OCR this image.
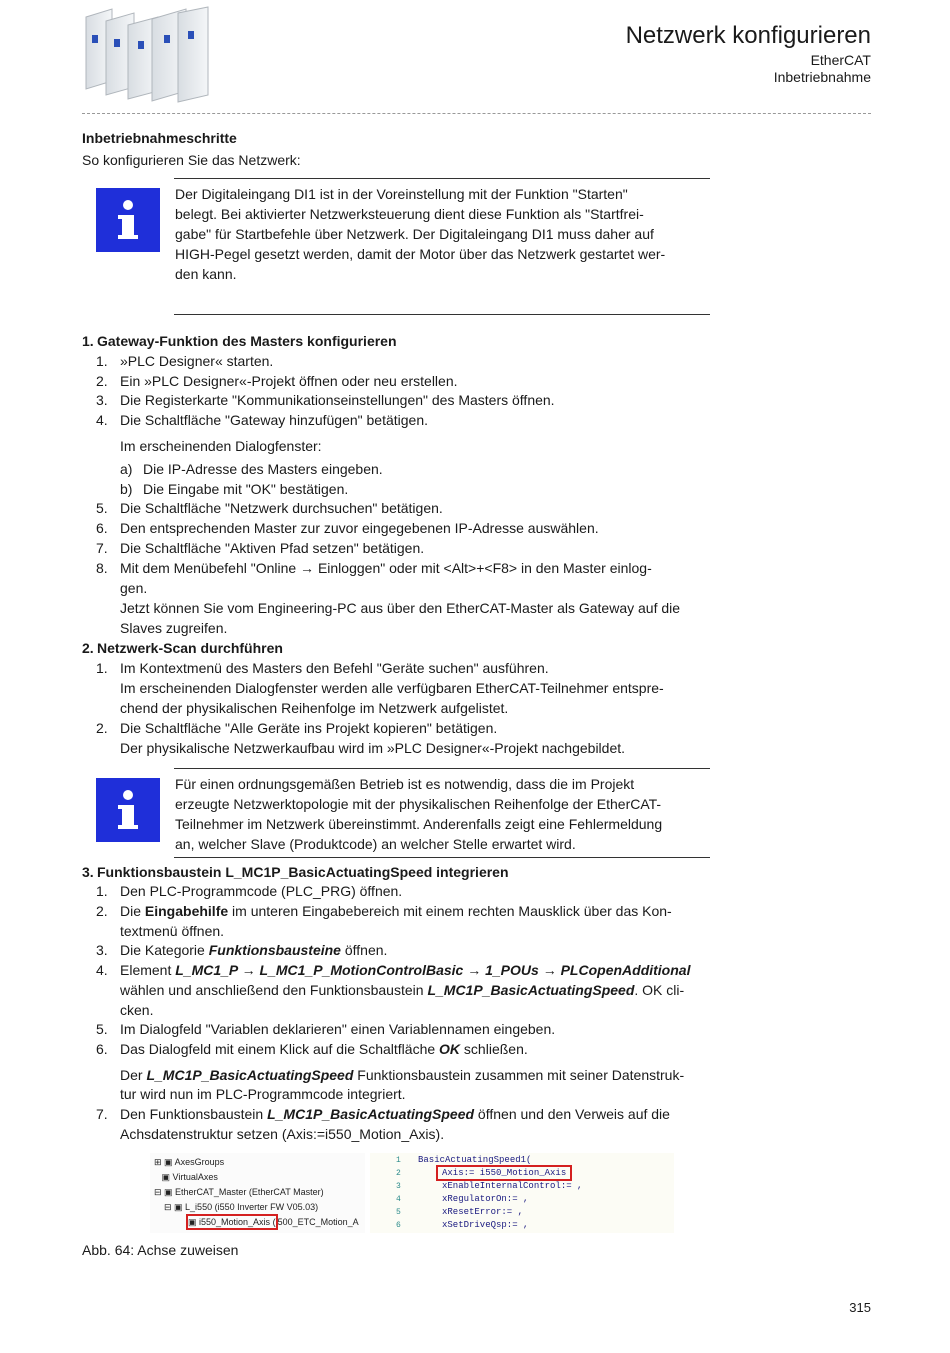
Netzwerk konfigurieren
EtherCAT
Inbetriebnahme
Inbetriebnahmeschritte
So konfigurieren Sie das Netzwerk:
Der Digitaleingang DI1 ist in der Voreinstellung mit der Funktion "Starten"
belegt. Bei aktivierter Netzwerksteuerung dient diese Funktion als "Startfrei-
gabe" für Startbefehle über Netzwerk. Der Digitaleingang DI1 muss daher auf
HIGH-Pegel gesetzt werden, damit der Motor über das Netzwerk gestartet wer-
den kann.
1. Gateway-Funktion des Masters konfigurieren
1. »PLC Designer« starten.
2. Ein »PLC Designer«-Projekt öffnen oder neu erstellen.
3. Die Registerkarte "Kommunikationseinstellungen" des Masters öffnen.
4. Die Schaltfläche "Gateway hinzufügen" betätigen.
Im erscheinenden Dialogfenster:
a) Die IP-Adresse des Masters eingeben.
b) Die Eingabe mit "OK" bestätigen.
5. Die Schaltfläche "Netzwerk durchsuchen" betätigen.
6. Den entsprechenden Master zur zuvor eingegebenen IP-Adresse auswählen.
7. Die Schaltfläche "Aktiven Pfad setzen" betätigen.
8. Mit dem Menübefehl "Online → Einloggen" oder mit <Alt>+<F8> in den Master einlog-
gen.
Jetzt können Sie vom Engineering-PC aus über den EtherCAT-Master als Gateway auf die
Slaves zugreifen.
2. Netzwerk-Scan durchführen
1. Im Kontextmenü des Masters den Befehl "Geräte suchen" ausführen.
Im erscheinenden Dialogfenster werden alle verfügbaren EtherCAT-Teilnehmer entspre-
chend der physikalischen Reihenfolge im Netzwerk aufgelistet.
2. Die Schaltfläche "Alle Geräte ins Projekt kopieren" betätigen.
Der physikalische Netzwerkaufbau wird im »PLC Designer«-Projekt nachgebildet.
Für einen ordnungsgemäßen Betrieb ist es notwendig, dass die im Projekt
erzeugte Netzwerktopologie mit der physikalischen Reihenfolge der EtherCAT-
Teilnehmer im Netzwerk übereinstimmt. Anderenfalls zeigt eine Fehlermeldung
an, welcher Slave (Produktcode) an welcher Stelle erwartet wird.
3. Funktionsbaustein L_MC1P_BasicActuatingSpeed integrieren
1. Den PLC-Programmcode (PLC_PRG) öffnen.
2. Die Eingabehilfe im unteren Eingabebereich mit einem rechten Mausklick über das Kon-
textmenü öffnen.
3. Die Kategorie Funktionsbausteine öffnen.
4. Element L_MC1_P → L_MC1_P_MotionControlBasic → 1_POUs → PLCopenAdditional
wählen und anschließend den Funktionsbaustein L_MC1P_BasicActuatingSpeed. OK cli-
cken.
5. Im Dialogfeld "Variablen deklarieren" einen Variablennamen eingeben.
6. Das Dialogfeld mit einem Klick auf die Schaltfläche OK schließen.
Der L_MC1P_BasicActuatingSpeed Funktionsbaustein zusammen mit seiner Datenstruk-
tur wird nun im PLC-Programmcode integriert.
7. Den Funktionsbaustein L_MC1P_BasicActuatingSpeed öffnen und den Verweis auf die
Achsdatenstruktur setzen (Axis:=i550_Motion_Axis).
⊞ ▣ AxesGroups
▣ VirtualAxes
⊟ ▣ EtherCAT_Master (EtherCAT Master)
⊟ ▣ L_i550 (i550 Inverter FW V05.03)
▣ i550_Motion_Axis (i500_ETC_Motion_A
1
2
3
4
5
6
BasicActuatingSpeed1(
Axis:= i550_Motion_Axis
xEnableInternalControl:= ,
xRegulatorOn:= ,
xResetError:= ,
xSetDriveQsp:= ,
Abb. 64: Achse zuweisen
315
